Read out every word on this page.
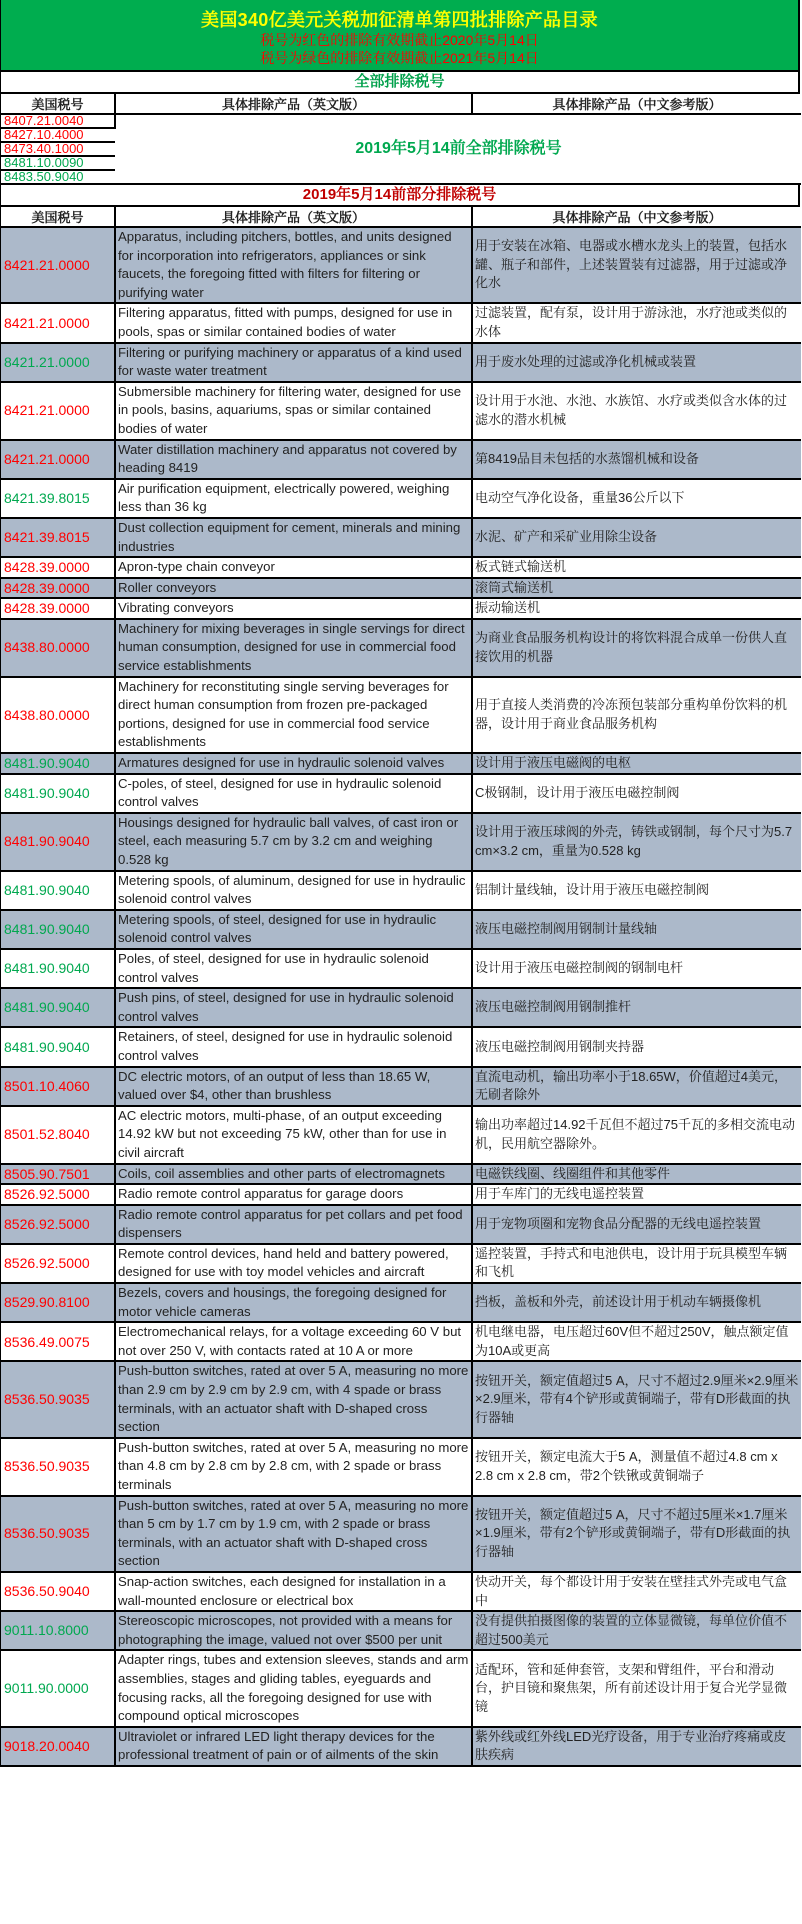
美国340亿美元关税加征清单第四批排除产品目录
税号为红色的排除有效期截止2020年5月14日
税号为绿色的排除有效期截止2021年5月14日
全部排除税号
美国税号	具体排除产品（英文版）	具体排除产品（中文参考版）
8407.21.0040	2019年5月14前全部排除税号	
8427.10.4000		
8473.40.1000		
8481.10.0090		
8483.50.9040		
2019年5月14前部分排除税号
美国税号	具体排除产品（英文版）	具体排除产品（中文参考版）
8421.21.0000	Apparatus, including pitchers, bottles, and units designed for incorporation into refrigerators, appliances or sink faucets, the foregoing fitted with filters for filtering or purifying water	用于安装在冰箱、电器或水槽水龙头上的装置，包括水罐、瓶子和部件，上述装置装有过滤器，用于过滤或净化水
8421.21.0000	Filtering apparatus, fitted with pumps, designed for use in pools, spas or similar contained bodies of water	过滤装置，配有泵，设计用于游泳池，水疗池或类似的水体
8421.21.0000	Filtering or purifying machinery or apparatus of a kind used for waste water treatment	用于废水处理的过滤或净化机械或装置
8421.21.0000	Submersible machinery for filtering water, designed for use in pools, basins, aquariums, spas or similar contained bodies of water	设计用于水池、水池、水族馆、水疗或类似含水体的过滤水的潜水机械
8421.21.0000	Water distillation machinery and apparatus not covered by heading 8419	第8419品目未包括的水蒸馏机械和设备
8421.39.8015	Air purification equipment, electrically powered, weighing less than 36 kg	电动空气净化设备，重量36公斤以下
8421.39.8015	Dust collection equipment for cement, minerals and mining industries	水泥、矿产和采矿业用除尘设备
8428.39.0000	Apron-type chain conveyor	板式链式输送机
8428.39.0000	Roller conveyors	滚筒式输送机
8428.39.0000	Vibrating conveyors	振动输送机
8438.80.0000	Machinery for mixing beverages in single servings for direct human consumption, designed for use in commercial food service establishments	为商业食品服务机构设计的将饮料混合成单一份供人直接饮用的机器
8438.80.0000	Machinery for reconstituting single serving beverages for direct human consumption from frozen pre-packaged portions, designed for use in commercial food service establishments	用于直接人类消费的冷冻预包装部分重构单份饮料的机器，设计用于商业食品服务机构
8481.90.9040	Armatures designed for use in hydraulic solenoid valves	设计用于液压电磁阀的电枢
8481.90.9040	C-poles, of steel, designed for use in hydraulic solenoid control valves	C极钢制，设计用于液压电磁控制阀
8481.90.9040	Housings designed for hydraulic ball valves, of cast iron or steel, each measuring 5.7 cm by 3.2 cm and weighing 0.528 kg	设计用于液压球阀的外壳，铸铁或钢制，每个尺寸为5.7 cm×3.2 cm，重量为0.528 kg
8481.90.9040	Metering spools, of aluminum, designed for use in hydraulic solenoid control valves	铝制计量线轴，设计用于液压电磁控制阀
8481.90.9040	Metering spools, of steel, designed for use in hydraulic solenoid control valves	液压电磁控制阀用钢制计量线轴
8481.90.9040	Poles, of steel, designed for use in hydraulic solenoid control valves	设计用于液压电磁控制阀的钢制电杆
8481.90.9040	Push pins, of steel, designed for use in hydraulic solenoid control valves	液压电磁控制阀用钢制推杆
8481.90.9040	Retainers, of steel, designed for use in hydraulic solenoid control valves	液压电磁控制阀用钢制夹持器
8501.10.4060	DC electric motors, of an output of less than 18.65 W, valued over $4, other than brushless	直流电动机，输出功率小于18.65W，价值超过4美元，无刷者除外
8501.52.8040	AC electric motors, multi-phase, of an output exceeding 14.92 kW but not exceeding 75 kW, other than for use in civil aircraft	输出功率超过14.92千瓦但不超过75千瓦的多相交流电动机，民用航空器除外。
8505.90.7501	Coils, coil assemblies and other parts of electromagnets	电磁铁线圈、线圈组件和其他零件
8526.92.5000	Radio remote control apparatus for garage doors	用于车库门的无线电遥控装置
8526.92.5000	Radio remote control apparatus for pet collars and pet food dispensers	用于宠物项圈和宠物食品分配器的无线电遥控装置
8526.92.5000	Remote control devices, hand held and battery powered, designed for use with toy model vehicles and aircraft	遥控装置，手持式和电池供电，设计用于玩具模型车辆和飞机
8529.90.8100	Bezels, covers and housings, the foregoing designed for motor vehicle cameras	挡板，盖板和外壳，前述设计用于机动车辆摄像机
8536.49.0075	Electromechanical relays, for a voltage exceeding 60 V but not over 250 V, with contacts rated at 10 A or more	机电继电器，电压超过60V但不超过250V，触点额定值为10A或更高
8536.50.9035	Push-button switches, rated at over 5 A, measuring no more than 2.9 cm by 2.9 cm by 2.9 cm, with 4 spade or brass terminals, with an actuator shaft with D-shaped cross section	按钮开关，额定值超过5 A，尺寸不超过2.9厘米×2.9厘米×2.9厘米，带有4个铲形或黄铜端子，带有D形截面的执行器轴
8536.50.9035	Push-button switches, rated at over 5 A, measuring no more than 4.8 cm by 2.8 cm by 2.8 cm, with 2 spade or brass terminals	按钮开关，额定电流大于5 A，测量值不超过4.8 cm x 2.8 cm x 2.8 cm，带2个铁锹或黄铜端子
8536.50.9035	Push-button switches, rated at over 5 A, measuring no more than 5 cm by 1.7 cm by 1.9 cm, with 2 spade or brass terminals, with an actuator shaft with D-shaped cross section	按钮开关，额定值超过5 A，尺寸不超过5厘米×1.7厘米×1.9厘米，带有2个铲形或黄铜端子，带有D形截面的执行器轴
8536.50.9040	Snap-action switches, each designed for installation in a wall-mounted enclosure or electrical box	快动开关，每个都设计用于安装在壁挂式外壳或电气盒中
9011.10.8000	Stereoscopic microscopes, not provided with a means for photographing the image, valued not over $500 per unit	没有提供拍摄图像的装置的立体显微镜，每单位价值不超过500美元
9011.90.0000	Adapter rings, tubes and extension sleeves, stands and arm assemblies, stages and gliding tables, eyeguards and focusing racks, all the foregoing designed for use with compound optical microscopes	适配环，管和延伸套管，支架和臂组件，平台和滑动台，护目镜和聚焦架，所有前述设计用于复合光学显微镜
9018.20.0040	Ultraviolet or infrared LED light therapy devices for the professional treatment of pain or of ailments of the skin	紫外线或红外线LED光疗设备，用于专业治疗疼痛或皮肤疾病
